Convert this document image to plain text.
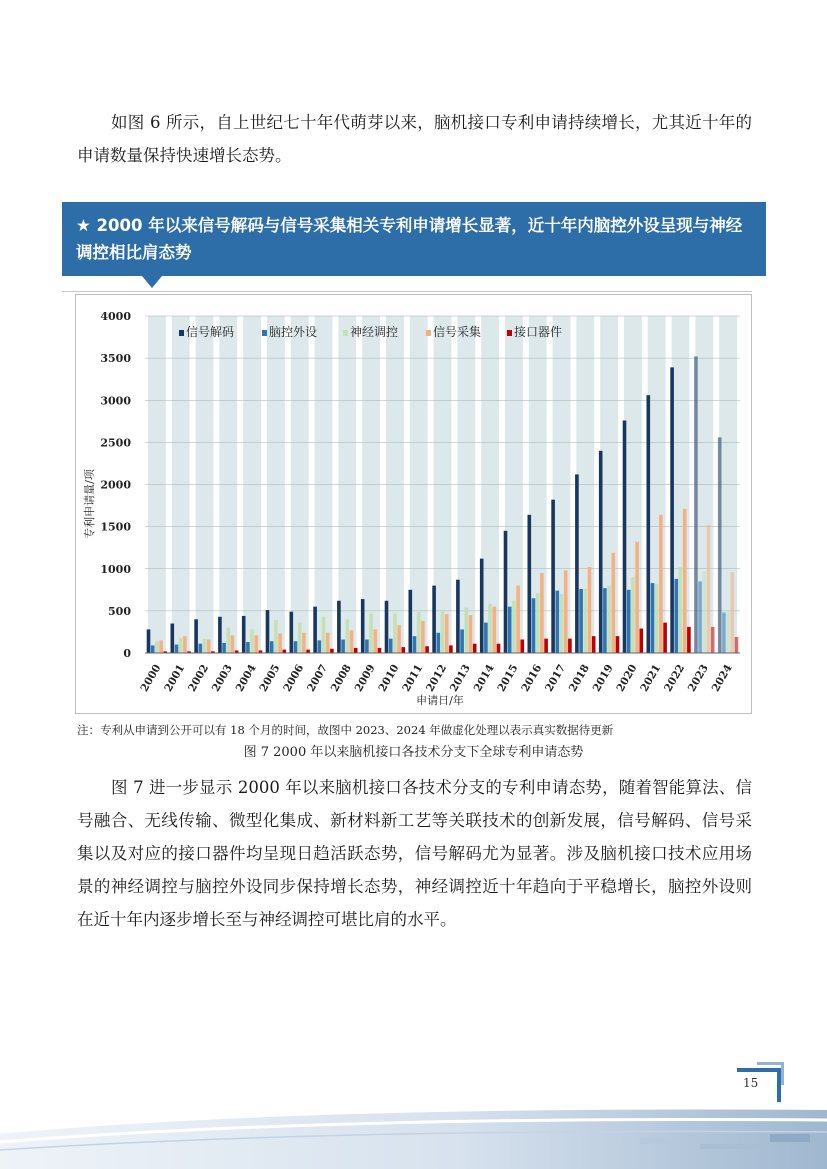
如图 6 所示，自上世纪七十年代萌芽以来，脑机接口专利申请持续增长，尤其近十年的申请数量保持快速增长态势。
★ 2000 年以来信号解码与信号采集相关专利申请增长显著，近十年内脑控外设呈现与神经调控相比肩态势
0
500
1000
1500
2000
2500
3000
3500
4000
2000
2001
2002
2003
2004
2005
2006
2007
2008
2009
2010
2011
2012
2013
2014
2015
2016
2017
2018
2019
2020
2021
2022
2023
2024
信号解码	脑控外设	神经调控	信号采集	接口器件
专利申请量/项
申请日/年
注：专利从申请到公开可以有 18 个月的时间，故图中 2023、2024 年做虚化处理以表示真实数据待更新
图 7 2000 年以来脑机接口各技术分支下全球专利申请态势
图 7 进一步显示 2000 年以来脑机接口各技术分支的专利申请态势，随着智能算法、信号融合、无线传输、微型化集成、新材料新工艺等关联技术的创新发展，信号解码、信号采集以及对应的接口器件均呈现日趋活跃态势，信号解码尤为显著。涉及脑机接口技术应用场景的神经调控与脑控外设同步保持增长态势，神经调控近十年趋向于平稳增长，脑控外设则在近十年内逐步增长至与神经调控可堪比肩的水平。
15
